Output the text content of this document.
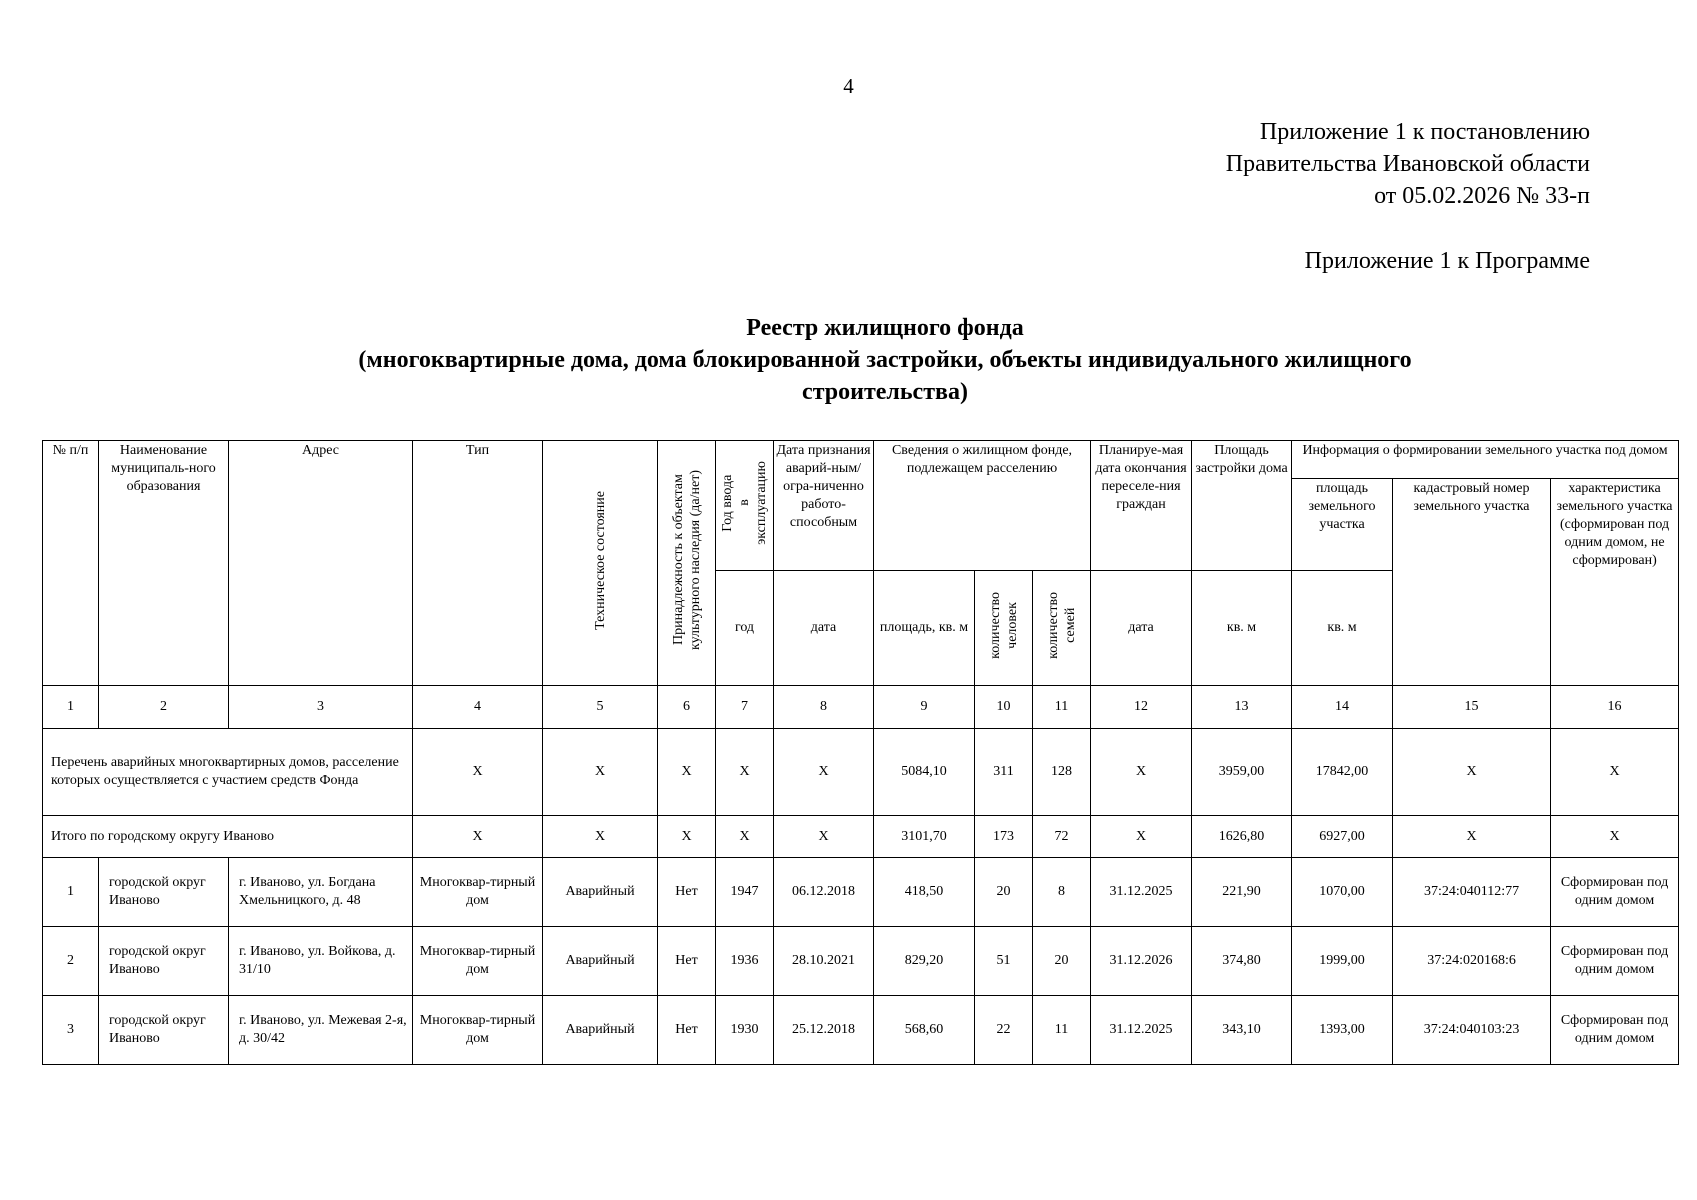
4
Приложение 1 к постановлению
Правительства Ивановской области
от 05.02.2026 № 33-п
Приложение 1 к Программе
Реестр жилищного фонда
(многоквартирные дома, дома блокированной застройки, объекты индивидуального жилищного
строительства)
№ п/п	Наименование муниципаль-ного образования	Адрес	Тип	Техническое состояние	Принадлежность к объектам культурного наследия (да/нет)	Год ввода в эксплуатацию	Дата признания аварий-ным/огра-ниченно работо-способным	Сведения о жилищном фонде, подлежащем расселению			Планируе-мая дата окончания переселе-ния граждан	Площадь застройки дома	Информация о формировании земельного участка под домом		
													площадь земельного участка	кадастровый номер земельного участка	характеристика земельного участка (сформирован под одним домом, не сформирован)
						год	дата	площадь, кв. м	количество человек	количество семей	дата	кв. м	кв. м		
1	2	3	4	5	6	7	8	9	10	11	12	13	14	15	16
Перечень аварийных многоквартирных домов, расселение которых осуществляется с участием средств Фонда			Х	Х	Х	Х	Х	5084,10	311	128	Х	3959,00	17842,00	Х	Х
Итого по городскому округу Иваново			Х	Х	Х	Х	Х	3101,70	173	72	Х	1626,80	6927,00	Х	Х
1	городской округ Иваново	г. Иваново, ул. Богдана Хмельницкого, д. 48	Многоквар-тирный дом	Аварийный	Нет	1947	06.12.2018	418,50	20	8	31.12.2025	221,90	1070,00	37:24:040112:77	Сформирован под одним домом
2	городской округ Иваново	г. Иваново, ул. Войкова, д. 31/10	Многоквар-тирный дом	Аварийный	Нет	1936	28.10.2021	829,20	51	20	31.12.2026	374,80	1999,00	37:24:020168:6	Сформирован под одним домом
3	городской округ Иваново	г. Иваново, ул. Межевая 2-я, д. 30/42	Многоквар-тирный дом	Аварийный	Нет	1930	25.12.2018	568,60	22	11	31.12.2025	343,10	1393,00	37:24:040103:23	Сформирован под одним домом
